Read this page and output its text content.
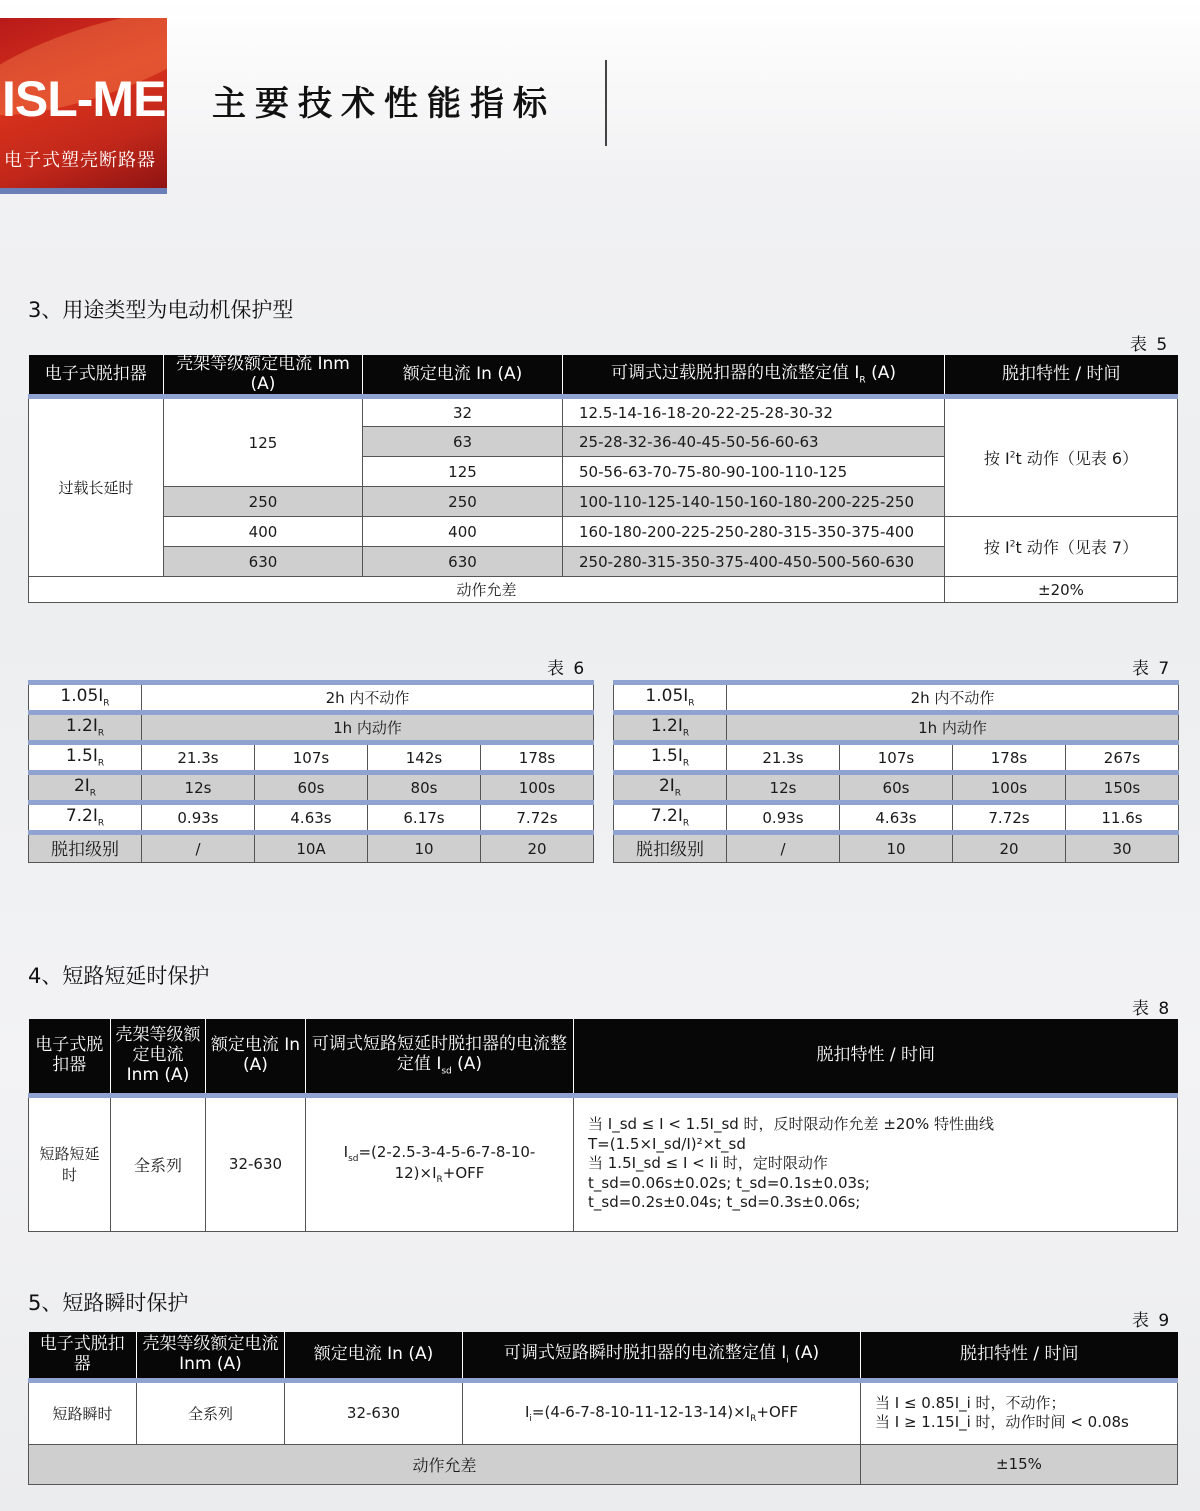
ISL-ME
电子式塑壳断路器
主要技术性能指标
3、用途类型为电动机保护型
表 5
电子式脱扣器	壳架等级额定电流 Inm (A)	额定电流 In (A)	可调式过载脱扣器的电流整定值 $I_R$ (A)	脱扣特性 / 时间
过载长延时	125	32	12.5-14-16-18-20-22-25-28-30-32	按 $I^2t$ 动作（见表 6）
		63	25-28-32-36-40-45-50-56-60-63	
		125	50-56-63-70-75-80-90-100-110-125	
	250	250	100-110-125-140-150-160-180-200-225-250	
	400	400	160-180-200-225-250-280-315-350-375-400	按 $I^2t$ 动作（见表 7）
	630	630	250-280-315-350-375-400-450-500-560-630	
动作允差				±20%
表 6
$1.05I_R$	2h 内不动作			
$1.2I_R$	1h 内动作			
$1.5I_R$	21.3s	107s	142s	178s
$2I_R$	12s	60s	80s	100s
$7.2I_R$	0.93s	4.63s	6.17s	7.72s
脱扣级别	/	10A	10	20
表 7
$1.05I_R$	2h 内不动作			
$1.2I_R$	1h 内动作			
$1.5I_R$	21.3s	107s	178s	267s
$2I_R$	12s	60s	100s	150s
$7.2I_R$	0.93s	4.63s	7.72s	11.6s
脱扣级别	/	10	20	30
4、短路短延时保护
表 8
电子式脱扣器	壳架等级额定电流 Inm (A)	额定电流 In (A)	可调式短路短延时脱扣器的电流整定值 $I_{sd}$ (A)	脱扣特性 / 时间
短路短延时	全系列	32-630	$I_{sd}=(2-2.5-3-4-5-6-7-8-10-12)\times I_R+OFF$	当 I_sd ≤ I < 1.5I_sd 时，反时限动作允差 ±20% 特性曲线
T=(1.5×I_sd/I)²×t_sd
当 1.5I_sd ≤ I < Ii 时，定时限动作
t_sd=0.06s±0.02s; t_sd=0.1s±0.03s;
t_sd=0.2s±0.04s; t_sd=0.3s±0.06s;
5、短路瞬时保护
表 9
电子式脱扣器	壳架等级额定电流 Inm (A)	额定电流 In (A)	可调式短路瞬时脱扣器的电流整定值 $I_i$ (A)	脱扣特性 / 时间
短路瞬时	全系列	32-630	$I_i=(4-6-7-8-10-11-12-13-14)\times I_R+OFF$	当 I ≤ 0.85I_i 时，不动作；
当 I ≥ 1.15I_i 时，动作时间 < 0.08s

动作允差				±15%
